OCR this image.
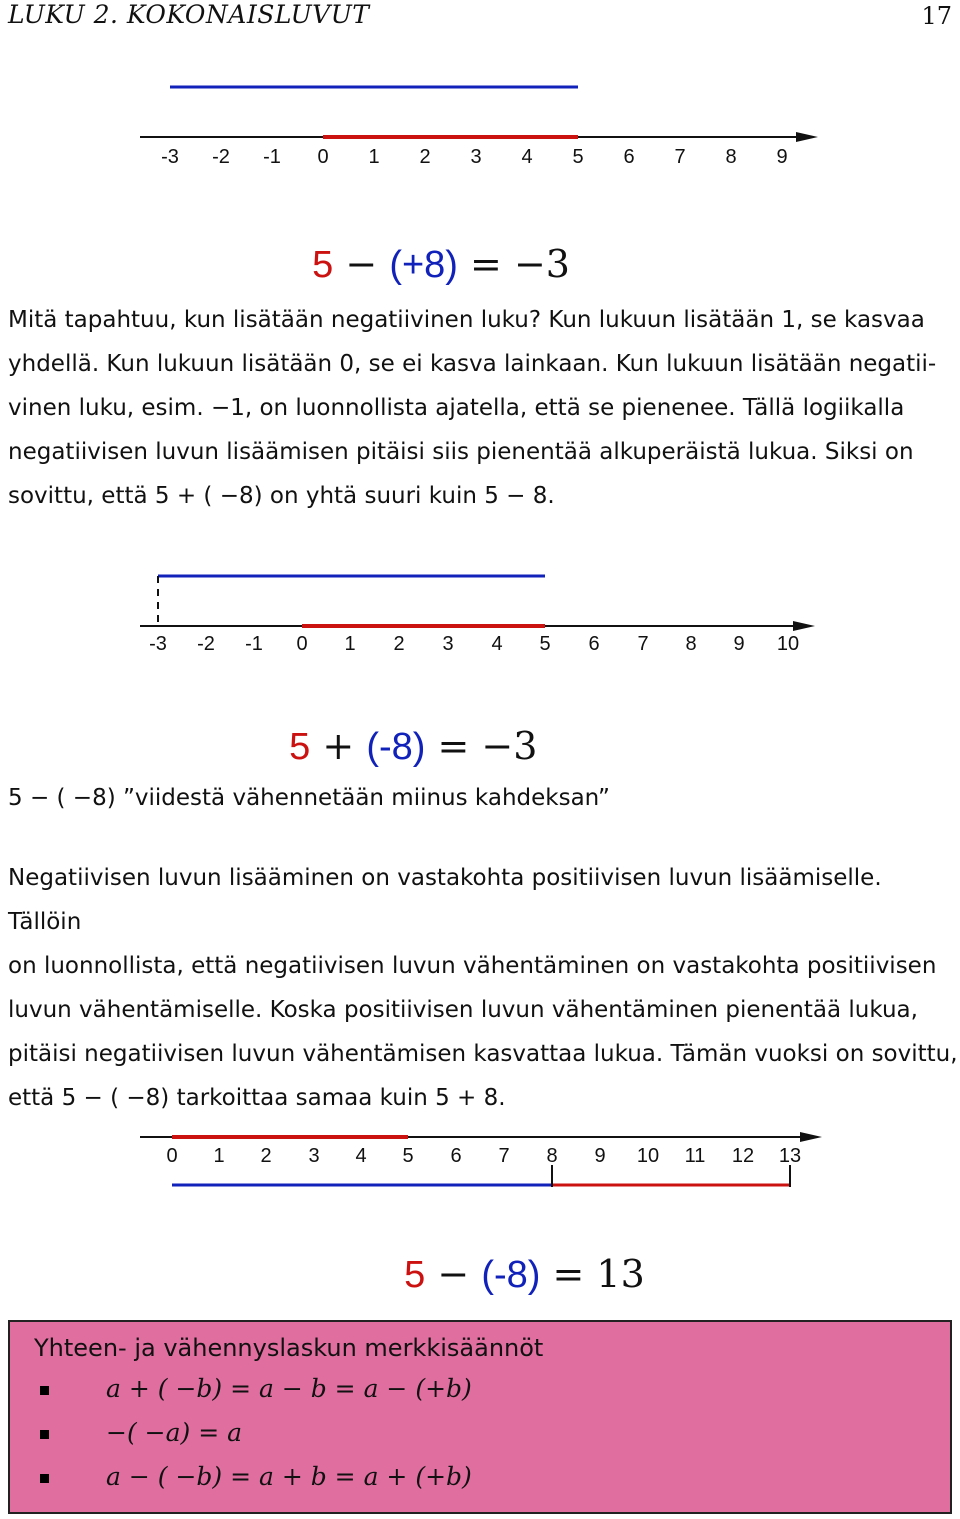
LUKU 2. KOKONAISLUVUT	17
-3 -2 -1 0 1 2 3 4 5 6 7 8 9

5 − (+8) = −3

Mitä tapahtuu, kun lisätään negatiivinen luku? Kun lukuun lisätään 1, se kasvaa
yhdellä. Kun lukuun lisätään 0, se ei kasva lainkaan. Kun lukuun lisätään negatii-
vinen luku, esim. −1, on luonnollista ajatella, että se pienenee. Tällä logiikalla
negatiivisen luvun lisäämisen pitäisi siis pienentää alkuperäistä lukua. Siksi on
sovittu, että 5 + ( −8) on yhtä suuri kuin 5 − 8.
-3 -2 -1 0 1 2 3 4 5 6 7 8 9 10

5 + (-8) = −3

5 − ( −8) ”viidestä vähennetään miinus kahdeksan”
Negatiivisen luvun lisääminen on vastakohta positiivisen luvun lisäämiselle. Tällöin
on luonnollista, että negatiivisen luvun vähentäminen on vastakohta positiivisen
luvun vähentämiselle. Koska positiivisen luvun vähentäminen pienentää lukua,
pitäisi negatiivisen luvun vähentämisen kasvattaa lukua. Tämän vuoksi on sovittu,
että 5 − ( −8) tarkoittaa samaa kuin 5 + 8.
0 1 2 3 4 5 6 7 8 9 10 11 12 13

5 − (-8) = 13

Yhteen- ja vähennyslaskun merkkisäännöt
a + ( −b) = a − b = a − (+b)
−( −a) = a
a − ( −b) = a + b = a + (+b)
